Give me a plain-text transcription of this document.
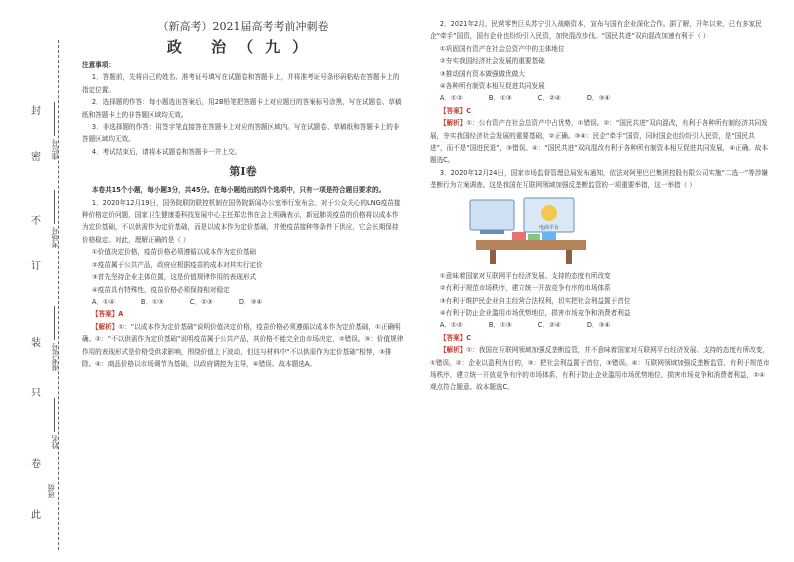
此
卷
只
装
订
不
密
封
班级
姓名
准考证号
考场号
座位号
（新高考）2021届高考考前冲刺卷
政 治（九）

注意事项：

1．答题前，先将自己的姓名、准考证号填写在试题卷和答题卡上，并将准考证号条形码粘贴在答题卡上的指定位置。

2．选择题的作答：每小题选出答案后，用2B铅笔把答题卡上对应题目的答案标号涂黑，写在试题卷、草稿纸和答题卡上的非答题区域均无效。

3．非选择题的作答：用签字笔直接答在答题卡上对应的答题区域内。写在试题卷、草稿纸和答题卡上的非答题区域均无效。

4．考试结束后，请将本试题卷和答题卡一并上交。

第Ⅰ卷

本卷共15个小题，每小题3分，共45分。在每小题给出的四个选项中，只有一项是符合题目要求的。

1．2020年12月19日，国务院联防联控机制在国务院新闻办公室举行发布会。对于公众关心的LNG疫苗接种价格定价问题，国家卫生健康委科技发展中心主任郑忠伟在会上明确表示，新冠肺炎疫苗的价格将以成本作为定价基础，不以供需作为定价基础，而是以成本作为定价基础，并使疫苗接种等条件下供应，它会长期保持价格稳定。对此，理解正确的是（ ）

①价值决定价格，疫苗价格必须遵循以成本作为定价基础

②疫苗属于公共产品，政府应根据疫苗的成本对其实行定价

③首先坚持企业主体位置，这是价值规律作用的表现形式

④疫苗具有特殊性，疫苗价格必须保持相对稳定

A．①④	B．①③	C．②③	D．③④

【答案】A

【解析】①：“以成本作为定价基础”说明价值决定价格，疫苗价格必须遵循以成本作为定价基础，①正确明确。②：“不以供需作为定价基础”说明疫苗属于公共产品，其价格不能完全由市场决定，②错误。③：价值规律作用的表现形式是价格受供求影响，围绕价值上下波动，但这与材料中“不以供需作为定价基础”相悖，③排除。④：商品价格以市场调节为基础，以政府调控为主导，④错误。故本题选A。

2．2021年2月，民营零售巨头苏宁引入战略资本，宣布与国有企业深化合作。据了解，开年以来，已有多家民企“牵手”国资，国有企业也纷纷引入民资，加快混改步伐。“国民共进”双向混改加速有利于（ ）

①巩固国有资产在社会总资产中的主体地位

②夯实我国经济社会发展的重要基础

③推动国有资本做强做优做大

④各种所有制资本相互促进共同发展

A．①②	B．①③	C．②④	D．③④

【答案】C

【解析】①：公有资产在社会总资产中占优势，①错误。②：“国民共进”双向混改，有利于各种所有制经济共同发展，夯实我国经济社会发展的重要基础，②正确。③④：民企“牵手”国资，同时国企也纷纷引入民资，是“国民共进”，而不是“国进民退”，③错误。④：“国民共进”双向混改有利于各种所有制资本相互促进共同发展，④正确。故本题选C。

3．2020年12月24日，国家市场监督管理总局发布通知，依法对阿里巴巴集团控股有限公司实施“二选一”等涉嫌垄断行为立案调查。这是我国在互联网领域加强反垄断监管的一项重要举措，这一举措（ ）

电商平台

①意味着国家对互联网平台经济发展、支持的态度有所改变

②有利于规范市场秩序，建立统一开放竞争有序的市场体系

③有利于维护民企业自主经营合法权利，切实把社会利益置于首位

④有利于防止企业滥用市场优势地位，损害市场竞争和消费者利益

A．①②	B．①③	C．②④	D．③④

【答案】C

【解析】①：我国在互联网领域加强反垄断监管，并不意味着国家对互联网平台经济发展、支持的态度有所改变，①错误。②：企业以盈利为目的，③：把社会利益置于首位，③错误。④：互联网领域加强反垄断监管，有利于规范市场秩序，建立统一开放竞争有序的市场体系，有利于防止企业滥用市场优势地位，损害市场竞争和消费者利益，②④观点符合题意。故本题选C。
